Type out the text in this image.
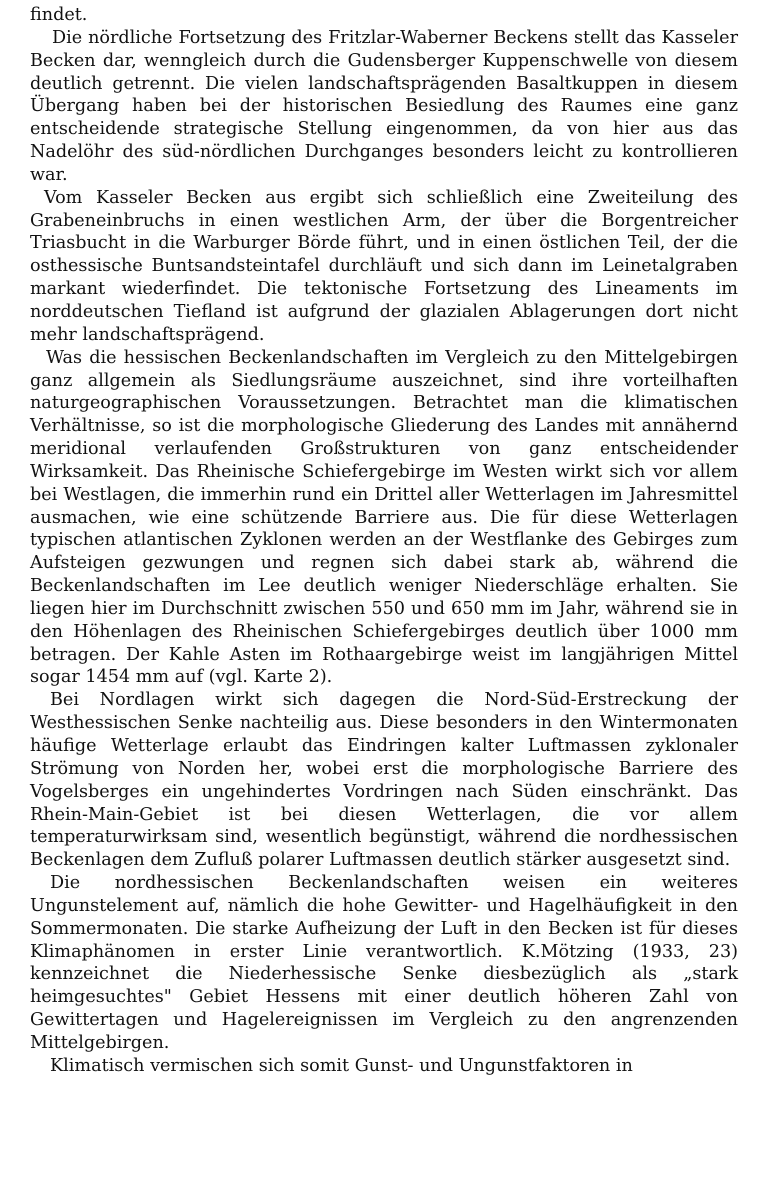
findet.

Die nördliche Fortsetzung des Fritzlar-Waberner Beckens stellt das Kasseler Becken dar, wenngleich durch die Gudensberger Kuppenschwelle von diesem deutlich getrennt. Die vielen landschaftsprägenden Basaltkuppen in diesem Übergang haben bei der historischen Besiedlung des Raumes eine ganz entscheidende strategische Stellung eingenommen, da von hier aus das Nadelöhr des süd-nördlichen Durchganges besonders leicht zu kontrollieren war.

Vom Kasseler Becken aus ergibt sich schließlich eine Zweiteilung des Grabeneinbruchs in einen westlichen Arm, der über die Borgentreicher Triasbucht in die Warburger Börde führt, und in einen östlichen Teil, der die osthessische Buntsandsteintafel durchläuft und sich dann im Leinetalgraben markant wiederfindet. Die tektonische Fortsetzung des Lineaments im norddeutschen Tiefland ist aufgrund der glazialen Ablagerungen dort nicht mehr landschaftsprägend.

Was die hessischen Beckenlandschaften im Vergleich zu den Mittelgebirgen ganz allgemein als Siedlungsräume auszeichnet, sind ihre vorteilhaften naturgeographischen Voraussetzungen. Betrachtet man die klimatischen Verhältnisse, so ist die morphologische Gliederung des Landes mit annähernd meridional verlaufenden Großstrukturen von ganz entscheidender Wirksamkeit. Das Rheinische Schiefergebirge im Westen wirkt sich vor allem bei Westlagen, die immerhin rund ein Drittel aller Wetterlagen im Jahresmittel ausmachen, wie eine schützende Barriere aus. Die für diese Wetterlagen typischen atlantischen Zyklonen werden an der Westflanke des Gebirges zum Aufsteigen gezwungen und regnen sich dabei stark ab, während die Beckenlandschaften im Lee deutlich weniger Niederschläge erhalten. Sie liegen hier im Durchschnitt zwischen 550 und 650 mm im Jahr, während sie in den Höhenlagen des Rheinischen Schiefergebirges deutlich über 1000 mm betragen. Der Kahle Asten im Rothaargebirge weist im langjährigen Mittel sogar 1454 mm auf (vgl. Karte 2).

Bei Nordlagen wirkt sich dagegen die Nord-Süd-Erstreckung der Westhessischen Senke nachteilig aus. Diese besonders in den Wintermonaten häufige Wetterlage erlaubt das Eindringen kalter Luftmassen zyklonaler Strömung von Norden her, wobei erst die morphologische Barriere des Vogelsberges ein ungehindertes Vordringen nach Süden einschränkt. Das Rhein-Main-Gebiet ist bei diesen Wetterlagen, die vor allem temperaturwirksam sind, wesentlich begünstigt, während die nordhessischen Beckenlagen dem Zufluß polarer Luftmassen deutlich stärker ausgesetzt sind.

Die nordhessischen Beckenlandschaften weisen ein weiteres Ungunstelement auf, nämlich die hohe Gewitter- und Hagelhäufigkeit in den Sommermonaten. Die starke Aufheizung der Luft in den Becken ist für dieses Klimaphänomen in erster Linie verantwortlich. K.Mötzing (1933, 23) kennzeichnet die Niederhessische Senke diesbezüglich als „stark heimgesuchtes" Gebiet Hessens mit einer deutlich höheren Zahl von Gewittertagen und Hagelereignissen im Vergleich zu den angrenzenden Mittelgebirgen.

Klimatisch vermischen sich somit Gunst- und Ungunstfaktoren in
